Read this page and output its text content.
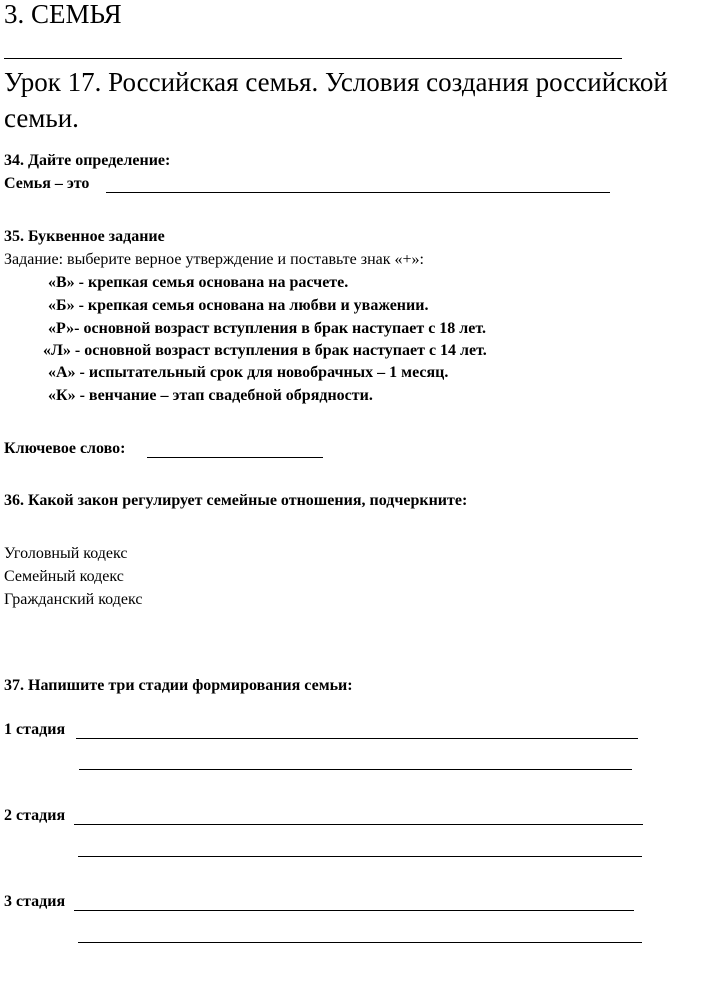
3. СЕМЬЯ
Урок 17. Российская семья. Условия создания российской семьи.
34. Дайте определение:
Семья – это
35. Буквенное задание
Задание: выберите верное утверждение и поставьте знак «+»:
«В» - крепкая семья основана на расчете.
«Б» - крепкая семья основана на любви и уважении.
«Р»- основной возраст вступления в брак наступает с 18 лет.
«Л» - основной возраст вступления в брак наступает с 14 лет.
«А» - испытательный срок для новобрачных – 1 месяц.
«К» - венчание – этап свадебной обрядности.
Ключевое слово:
36. Какой закон регулирует семейные отношения, подчеркните:
Уголовный кодекс
Семейный кодекс
Гражданский кодекс
37. Напишите три стадии формирования семьи:
1 стадия
2 стадия
3 стадия
